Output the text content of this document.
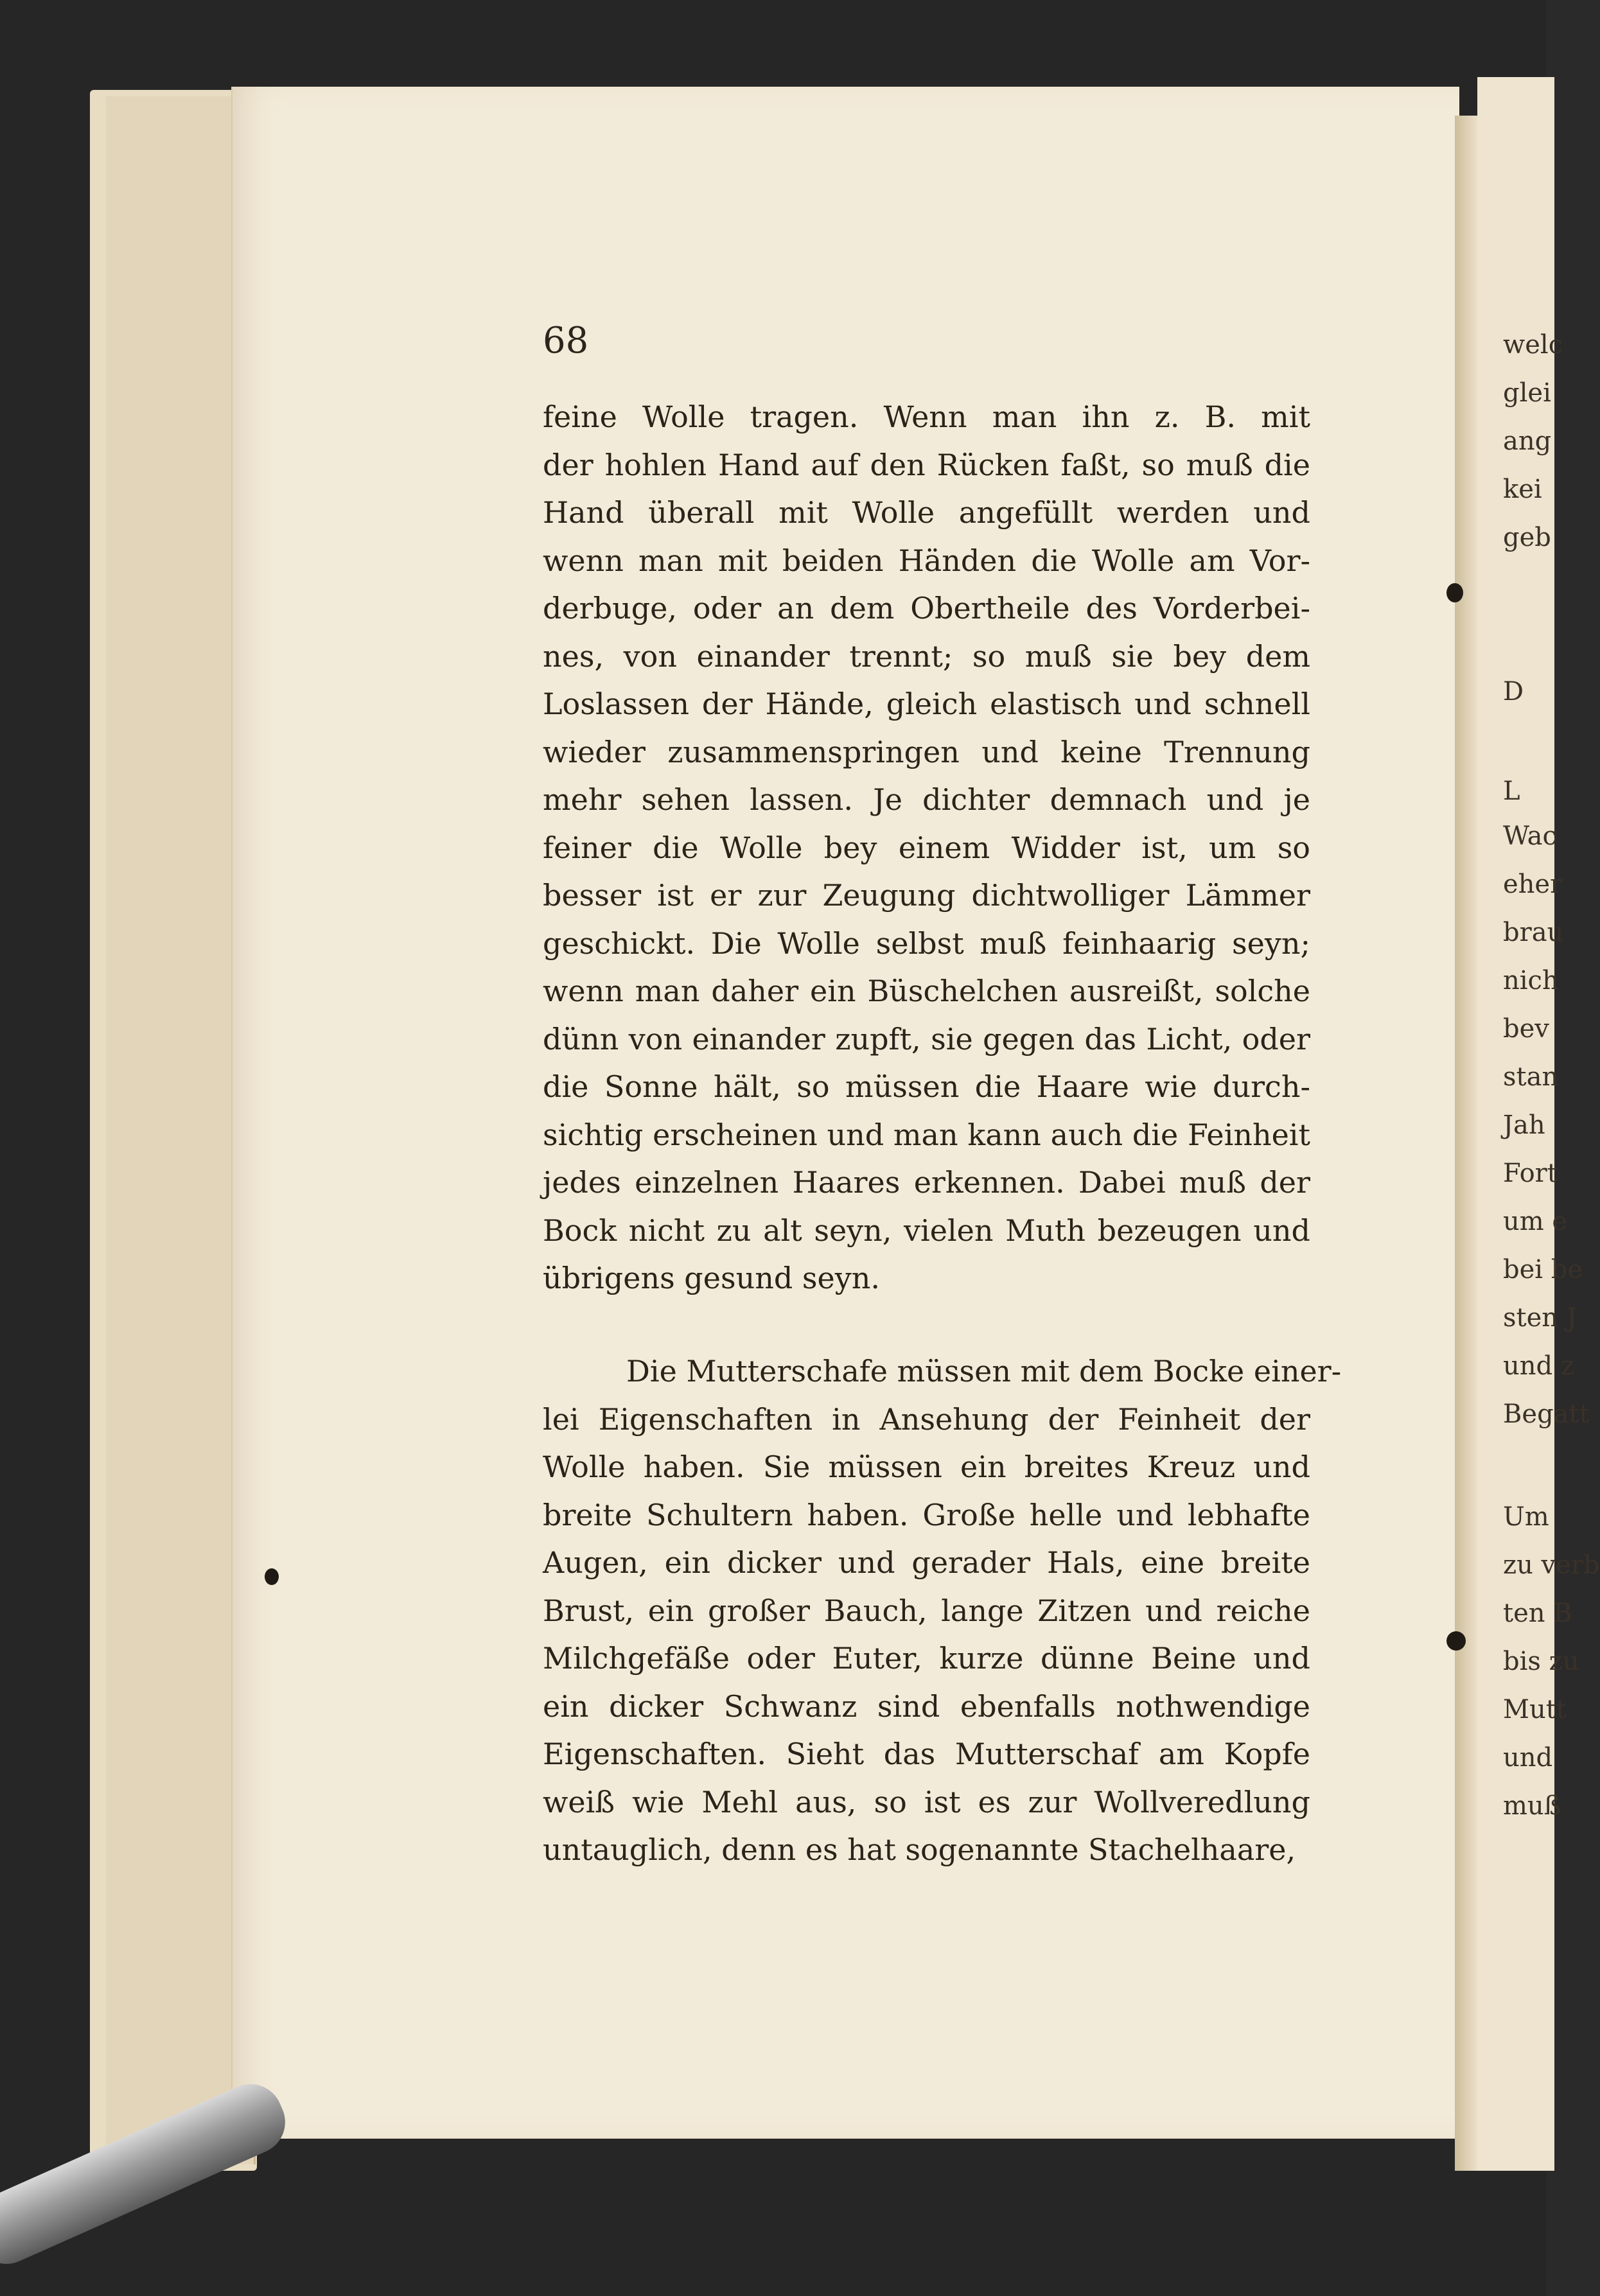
welc
glei
ang
kei
geb
D
L
Wac
eher
brau
nich
bev
stan
Jah
Fort
um e
bei be
sten J
und z
Begatt
Um
zu verb
ten B
bis zu
Mutt
und
muß
68
feine Wolle tragen. Wenn man ihn z. B. mit
der hohlen Hand auf den Rücken faßt, so muß die
Hand überall mit Wolle angefüllt werden und
wenn man mit beiden Händen die Wolle am Vor-
derbuge, oder an dem Obertheile des Vorderbei-
nes, von einander trennt; so muß sie bey dem
Loslassen der Hände, gleich elastisch und schnell
wieder zusammenspringen und keine Trennung
mehr sehen lassen. Je dichter demnach und je
feiner die Wolle bey einem Widder ist, um so
besser ist er zur Zeugung dichtwolliger Lämmer
geschickt. Die Wolle selbst muß feinhaarig seyn;
wenn man daher ein Büschelchen ausreißt, solche
dünn von einander zupft, sie gegen das Licht, oder
die Sonne hält, so müssen die Haare wie durch-
sichtig erscheinen und man kann auch die Feinheit
jedes einzelnen Haares erkennen. Dabei muß der
Bock nicht zu alt seyn, vielen Muth bezeugen und
übrigens gesund seyn.
Die Mutterschafe müssen mit dem Bocke einer-
lei Eigenschaften in Ansehung der Feinheit der
Wolle haben. Sie müssen ein breites Kreuz und
breite Schultern haben. Große helle und lebhafte
Augen, ein dicker und gerader Hals, eine breite
Brust, ein großer Bauch, lange Zitzen und reiche
Milchgefäße oder Euter, kurze dünne Beine und
ein dicker Schwanz sind ebenfalls nothwendige
Eigenschaften. Sieht das Mutterschaf am Kopfe
weiß wie Mehl aus, so ist es zur Wollveredlung
untauglich, denn es hat sogenannte Stachelhaare,
